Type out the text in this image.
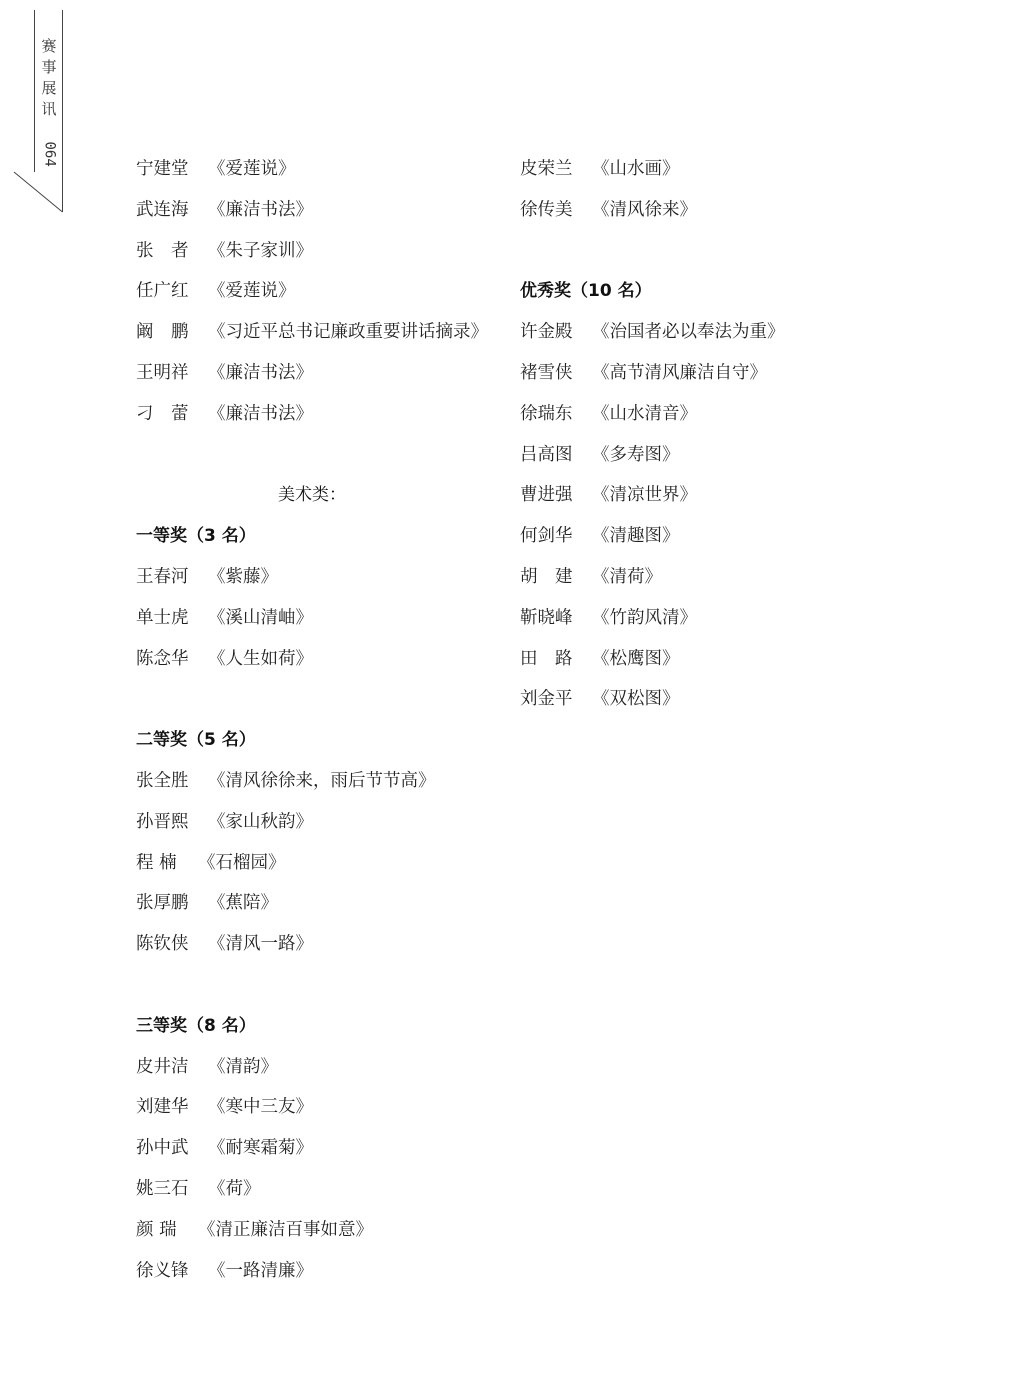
赛
事
展
讯
064
宁建堂 《爱莲说》
武连海 《廉洁书法》
张　者 《朱子家训》
任广红 《爱莲说》
阚　鹏 《习近平总书记廉政重要讲话摘录》
王明祥 《廉洁书法》
刁　蕾 《廉洁书法》
美术类：
一等奖（3 名）
王春河 《紫藤》
单士虎 《溪山清岫》
陈念华 《人生如荷》
二等奖（5 名）
张全胜 《清风徐徐来，雨后节节高》
孙晋熙 《家山秋韵》
程 楠 《石榴园》
张厚鹏 《蕉陪》
陈钦侠 《清风一路》
三等奖（8 名）
皮井洁 《清韵》
刘建华 《寒中三友》
孙中武 《耐寒霜菊》
姚三石 《荷》
颜 瑞 《清正廉洁百事如意》
徐义锋 《一路清廉》
皮荣兰 《山水画》
徐传美 《清风徐来》
优秀奖（10 名）
许金殿 《治国者必以奉法为重》
褚雪侠 《高节清风廉洁自守》
徐瑞东 《山水清音》
吕高图 《多寿图》
曹进强 《清凉世界》
何剑华 《清趣图》
胡　建 《清荷》
靳晓峰 《竹韵风清》
田　路 《松鹰图》
刘金平 《双松图》
